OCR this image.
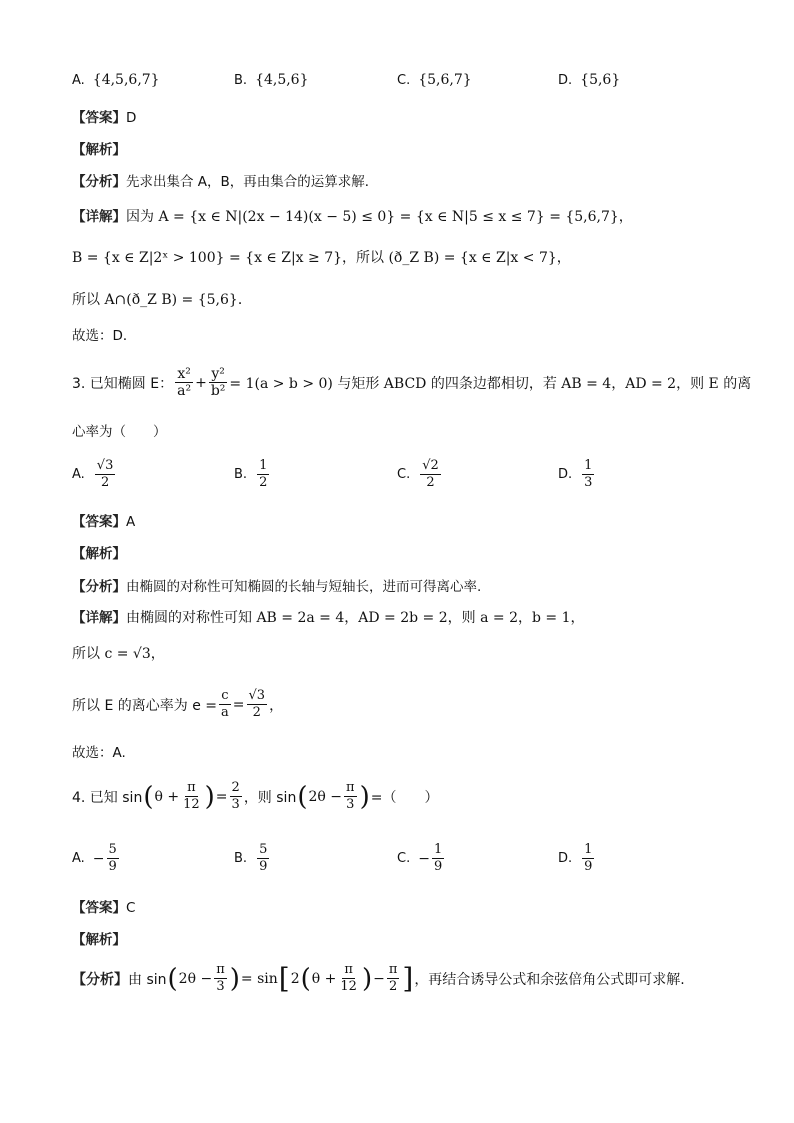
A. {4,5,6,7}	B. {4,5,6}	C. {5,6,7}	D. {5,6}
【答案】D
【解析】
【分析】先求出集合 A，B，再由集合的运算求解．
【详解】因为 A = {x ∈ N|(2x − 14)(x − 5) ≤ 0} = {x ∈ N|5 ≤ x ≤ 7} = {5,6,7}，
B = {x ∈ Z|2ˣ > 100} = {x ∈ Z|x ≥ 7}，所以 (ð_Z B) = {x ∈ Z|x < 7}，
所以 A∩(ð_Z B) = {5,6}．
故选：D．
3. 已知椭圆 E： $\frac{\text{x²}}{\text{a²}} + \frac{\text{y²}}{\text{b²}} = 1(a > b > 0)$ 与矩形 ABCD 的四条边都相切，若 AB = 4，AD = 2，则 E 的离
心率为（　　）
A. $\frac{√3}{2}$	B. $\frac{1}{2}$	C. $\frac{√2}{2}$	D. $\frac{1}{3}$
【答案】A
【解析】
【分析】由椭圆的对称性可知椭圆的长轴与短轴长，进而可得离心率.
【详解】由椭圆的对称性可知 AB = 2a = 4，AD = 2b = 2，则 a = 2，b = 1，
所以 c = √3，
所以 E 的离心率为 $e = \frac{c}{a} = \frac{√3}{2}$ ，
故选：A.
4. 已知 sin ( $\theta + \frac{\pi}{12}$ ) = $\frac{2}{3}$ ，则 sin ( $2\theta - \frac{\pi}{3}$ ) =（　　）
A. − $\frac{5}{9}$	B. $\frac{5}{9}$	C. − $\frac{1}{9}$	D. $\frac{1}{9}$
【答案】C
【解析】
【分析】 由 sin ( $2\theta - \frac{\pi}{3}$ ) = sin [ 2 ( $\theta + \frac{\pi}{12}$ ) − $\frac{\pi}{2}$ ] ，再结合诱导公式和余弦倍角公式即可求解.
